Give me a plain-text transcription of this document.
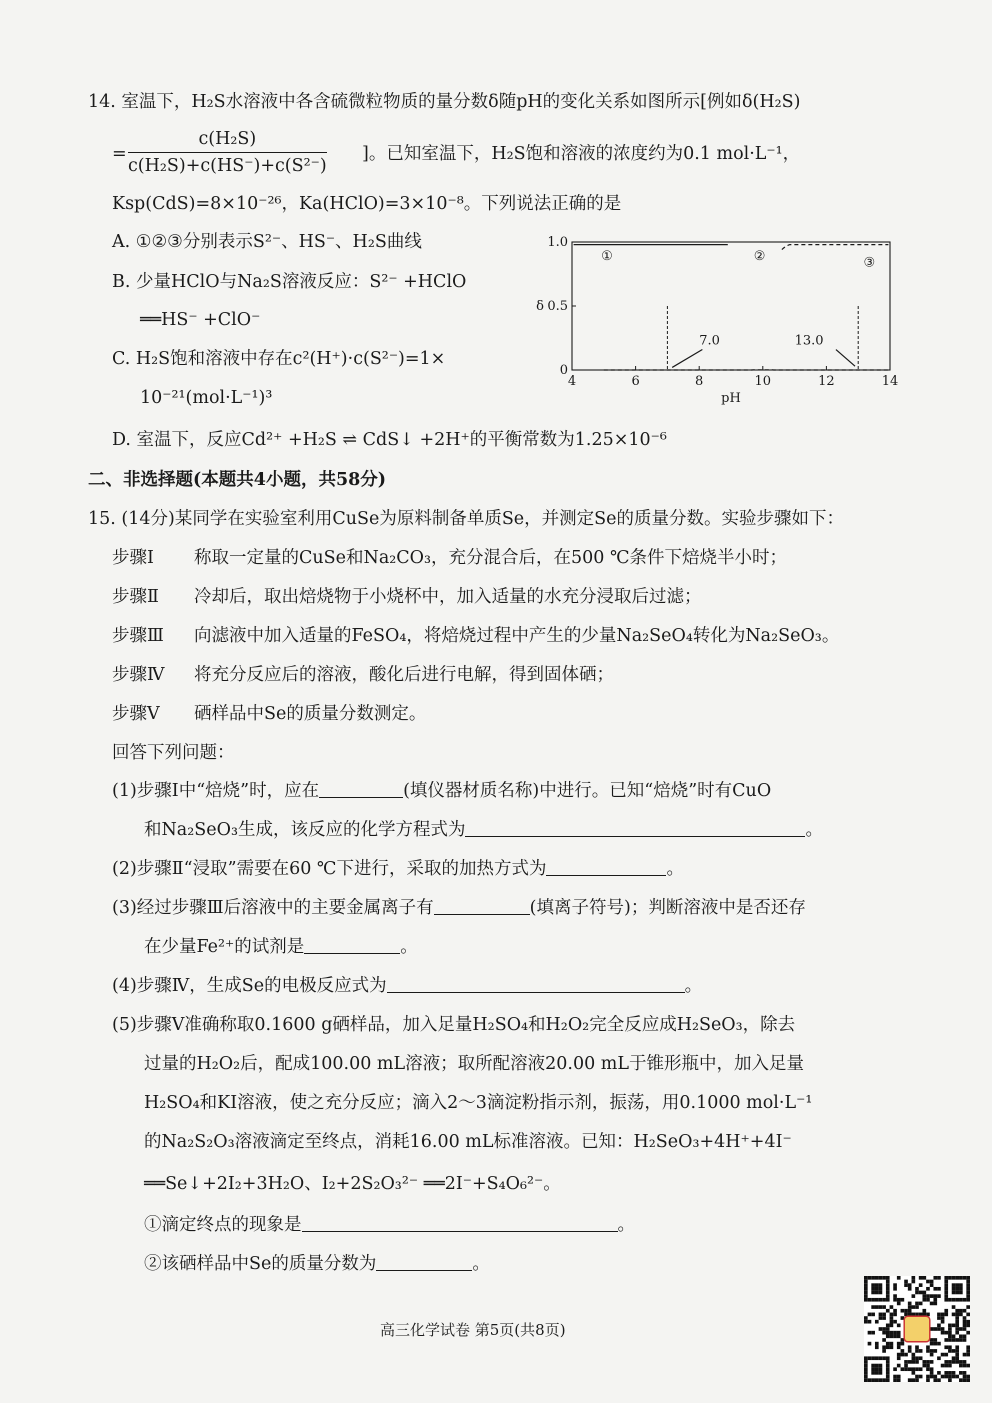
14. 室温下，H₂S水溶液中各含硫微粒物质的量分数δ随pH的变化关系如图所示[例如δ(H₂S)
= $\frac{\text{c(H₂S)}}{\text{c(H₂S)+c(HS⁻)+c(S²⁻)}}$ ]。已知室温下，H₂S饱和溶液的浓度约为0.1 mol·L⁻¹，
Ksp(CdS)=8×10⁻²⁶，Ka(HClO)=3×10⁻⁸。下列说法正确的是
A. ①②③分别表示S²⁻、HS⁻、H₂S曲线
B. 少量HClO与Na₂S溶液反应：S²⁻ +HClO
══HS⁻ +ClO⁻
C. H₂S饱和溶液中存在c²(H⁺)·c(S²⁻)=1×
10⁻²¹(mol·L⁻¹)³
D. 室温下，反应Cd²⁺ +H₂S ⇌ CdS↓ +2H⁺的平衡常数为1.25×10⁻⁶
4	6	8	10	12	14
0
0.5
1.0
pH
δ
7.0	13.0
①	②	③
二、非选择题(本题共4小题，共58分)
15. (14分)某同学在实验室利用CuSe为原料制备单质Se，并测定Se的质量分数。实验步骤如下：
步骤Ⅰ 称取一定量的CuSe和Na₂CO₃，充分混合后，在500 ℃条件下焙烧半小时；
步骤Ⅱ 冷却后，取出焙烧物于小烧杯中，加入适量的水充分浸取后过滤；
步骤Ⅲ 向滤液中加入适量的FeSO₄，将焙烧过程中产生的少量Na₂SeO₄转化为Na₂SeO₃。
步骤Ⅳ 将充分反应后的溶液，酸化后进行电解，得到固体硒；
步骤Ⅴ 硒样品中Se的质量分数测定。
回答下列问题：
(1)步骤Ⅰ中“焙烧”时，应在	(填仪器材质名称)中进行。已知“焙烧”时有CuO
和Na₂SeO₃生成，该反应的化学方程式为	。
(2)步骤Ⅱ“浸取”需要在60 ℃下进行，采取的加热方式为	。
(3)经过步骤Ⅲ后溶液中的主要金属离子有	(填离子符号)；判断溶液中是否还存
在少量Fe²⁺的试剂是	。
(4)步骤Ⅳ，生成Se的电极反应式为	。
(5)步骤Ⅴ准确称取0.1600 g硒样品，加入足量H₂SO₄和H₂O₂完全反应成H₂SeO₃，除去
过量的H₂O₂后，配成100.00 mL溶液；取所配溶液20.00 mL于锥形瓶中，加入足量
H₂SO₄和KI溶液，使之充分反应；滴入2～3滴淀粉指示剂，振荡，用0.1000 mol·L⁻¹
的Na₂S₂O₃溶液滴定至终点，消耗16.00 mL标准溶液。已知：H₂SeO₃+4H⁺+4I⁻
══Se↓+2I₂+3H₂O、I₂+2S₂O₃²⁻ ══2I⁻+S₄O₆²⁻。
①滴定终点的现象是	。
②该硒样品中Se的质量分数为	。
高三化学试卷 第5页(共8页)
